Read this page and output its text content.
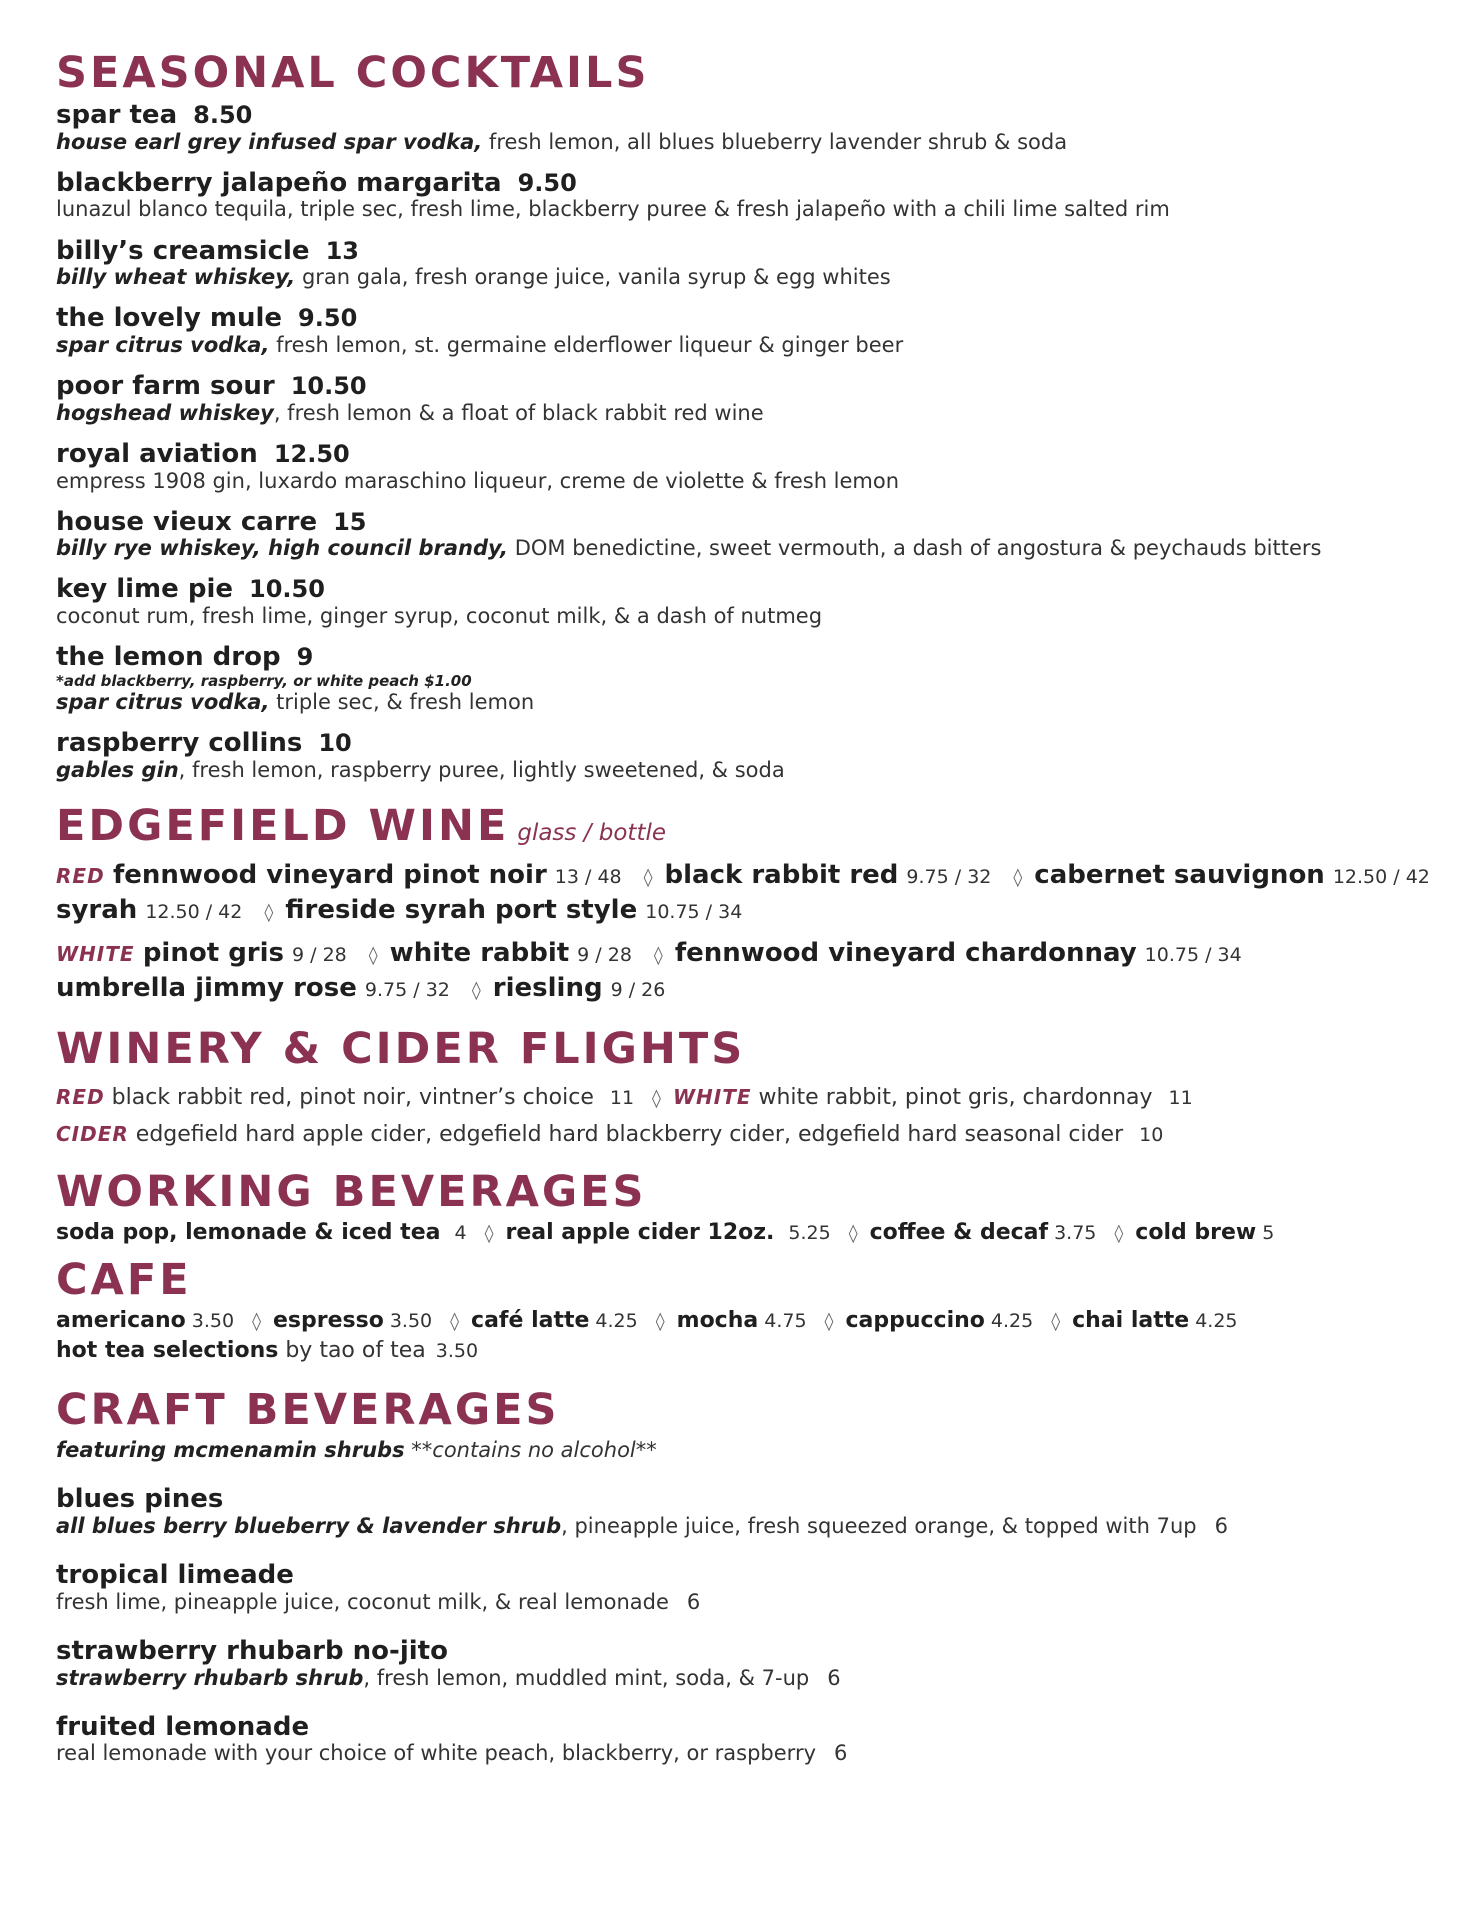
SEASONAL COCKTAILS
spar tea 8.50
house earl grey infused spar vodka, fresh lemon, all blues blueberry lavender shrub & soda
blackberry jalapeño margarita 9.50
lunazul blanco tequila, triple sec, fresh lime, blackberry puree & fresh jalapeño with a chili lime salted rim
billy’s creamsicle 13
billy wheat whiskey, gran gala, fresh orange juice, vanila syrup & egg whites
the lovely mule 9.50
spar citrus vodka, fresh lemon, st. germaine elderflower liqueur & ginger beer
poor farm sour 10.50
hogshead whiskey, fresh lemon & a float of black rabbit red wine
royal aviation 12.50
empress 1908 gin, luxardo maraschino liqueur, creme de violette & fresh lemon
house vieux carre 15
billy rye whiskey, high council brandy, DOM benedictine, sweet vermouth, a dash of angostura & peychauds bitters
key lime pie 10.50
coconut rum, fresh lime, ginger syrup, coconut milk, & a dash of nutmeg
the lemon drop 9
*add blackberry, raspberry, or white peach $1.00
spar citrus vodka, triple sec, & fresh lemon
raspberry collins 10
gables gin, fresh lemon, raspberry puree, lightly sweetened, & soda
EDGEFIELD WINE glass / bottle
RED fennwood vineyard pinot noir 13 / 48 ◊ black rabbit red 9.75 / 32 ◊ cabernet sauvignon 12.50 / 42
syrah 12.50 / 42 ◊ fireside syrah port style 10.75 / 34
WHITE pinot gris 9 / 28 ◊ white rabbit 9 / 28 ◊ fennwood vineyard chardonnay 10.75 / 34
umbrella jimmy rose 9.75 / 32 ◊ riesling 9 / 26
WINERY & CIDER FLIGHTS
RED black rabbit red, pinot noir, vintner’s choice 11 ◊ WHITE white rabbit, pinot gris, chardonnay 11
CIDER edgefield hard apple cider, edgefield hard blackberry cider, edgefield hard seasonal cider 10
WORKING BEVERAGES
soda pop, lemonade & iced tea 4 ◊ real apple cider 12oz. 5.25 ◊ coffee & decaf 3.75 ◊ cold brew 5
CAFE
americano 3.50 ◊ espresso 3.50 ◊ café latte 4.25 ◊ mocha 4.75 ◊ cappuccino 4.25 ◊ chai latte 4.25
hot tea selections by tao of tea 3.50
CRAFT BEVERAGES
featuring mcmenamin shrubs **contains no alcohol**
blues pines
all blues berry blueberry & lavender shrub, pineapple juice, fresh squeezed orange, & topped with 7up 6
tropical limeade
fresh lime, pineapple juice, coconut milk, & real lemonade 6
strawberry rhubarb no-jito
strawberry rhubarb shrub, fresh lemon, muddled mint, soda, & 7-up 6
fruited lemonade
real lemonade with your choice of white peach, blackberry, or raspberry 6
